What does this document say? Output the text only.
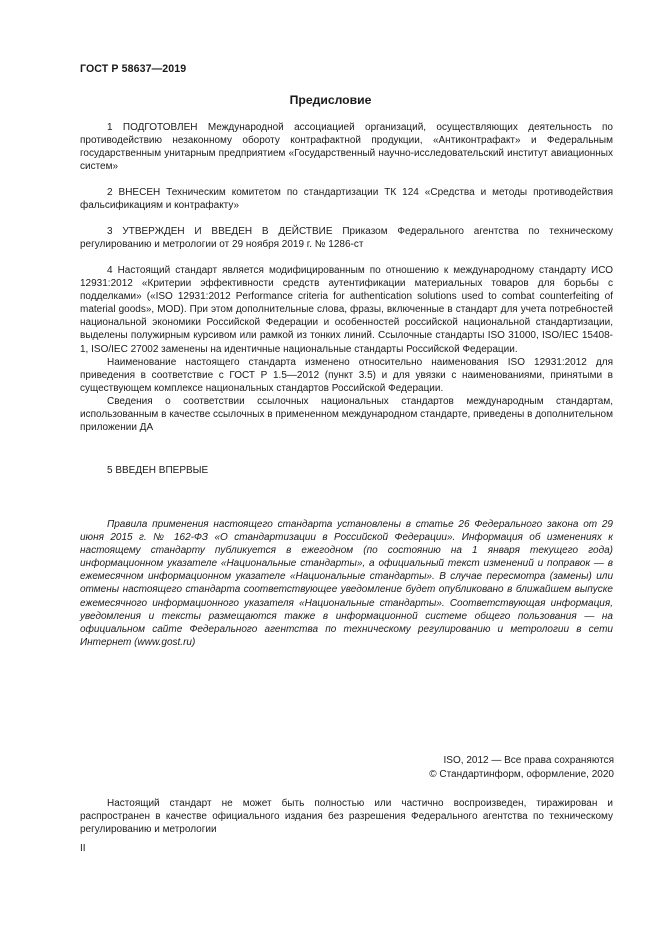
ГОСТ Р 58637—2019
Предисловие

1 ПОДГОТОВЛЕН Международной ассоциацией организаций, осуществляющих деятельность по противодействию незаконному обороту контрафактной продукции, «Антиконтрафакт» и Федеральным государственным унитарным предприятием «Государственный научно-исследовательский институт авиационных систем»

2 ВНЕСЕН Техническим комитетом по стандартизации ТК 124 «Средства и методы противодействия фальсификациям и контрафакту»

3 УТВЕРЖДЕН И ВВЕДЕН В ДЕЙСТВИЕ Приказом Федерального агентства по техническому регулированию и метрологии от 29 ноября 2019 г. № 1286-ст

4 Настоящий стандарт является модифицированным по отношению к международному стандарту ИСО 12931:2012 «Критерии эффективности средств аутентификации материальных товаров для борьбы с подделками» («ISO 12931:2012 Performance criteria for authentication solutions used to combat counterfeiting of material goods», MOD). При этом дополнительные слова, фразы, включенные в стандарт для учета потребностей национальной экономики Российской Федерации и особенностей российской национальной стандартизации, выделены полужирным курсивом или рамкой из тонких линий. Ссылочные стандарты ISO 31000, ISO/IEC 15408-1, ISO/IEC 27002 заменены на идентичные национальные стандарты Российской Федерации.

Наименование настоящего стандарта изменено относительно наименования ISO 12931:2012 для приведения в соответствие с ГОСТ Р 1.5—2012 (пункт 3.5) и для увязки с наименованиями, принятыми в существующем комплексе национальных стандартов Российской Федерации.

Сведения о соответствии ссылочных национальных стандартов международным стандартам, использованным в качестве ссылочных в примененном международном стандарте, приведены в дополнительном приложении ДА

5 ВВЕДЕН ВПЕРВЫЕ

Правила применения настоящего стандарта установлены в статье 26 Федерального закона от 29 июня 2015 г. № 162-ФЗ «О стандартизации в Российской Федерации». Информация об изменениях к настоящему стандарту публикуется в ежегодном (по состоянию на 1 января текущего года) информационном указателе «Национальные стандарты», а официальный текст изменений и поправок — в ежемесячном информационном указателе «Национальные стандарты». В случае пересмотра (замены) или отмены настоящего стандарта соответствующее уведомление будет опубликовано в ближайшем выпуске ежемесячного информационного указателя «Национальные стандарты». Соответствующая информация, уведомления и тексты размещаются также в информационной системе общего пользования — на официальном сайте Федерального агентства по техническому регулированию и метрологии в сети Интернет (www.gost.ru)

ISO, 2012 — Все права сохраняются
© Стандартинформ, оформление, 2020

Настоящий стандарт не может быть полностью или частично воспроизведен, тиражирован и распространен в качестве официального издания без разрешения Федерального агентства по техническому регулированию и метрологии

II
